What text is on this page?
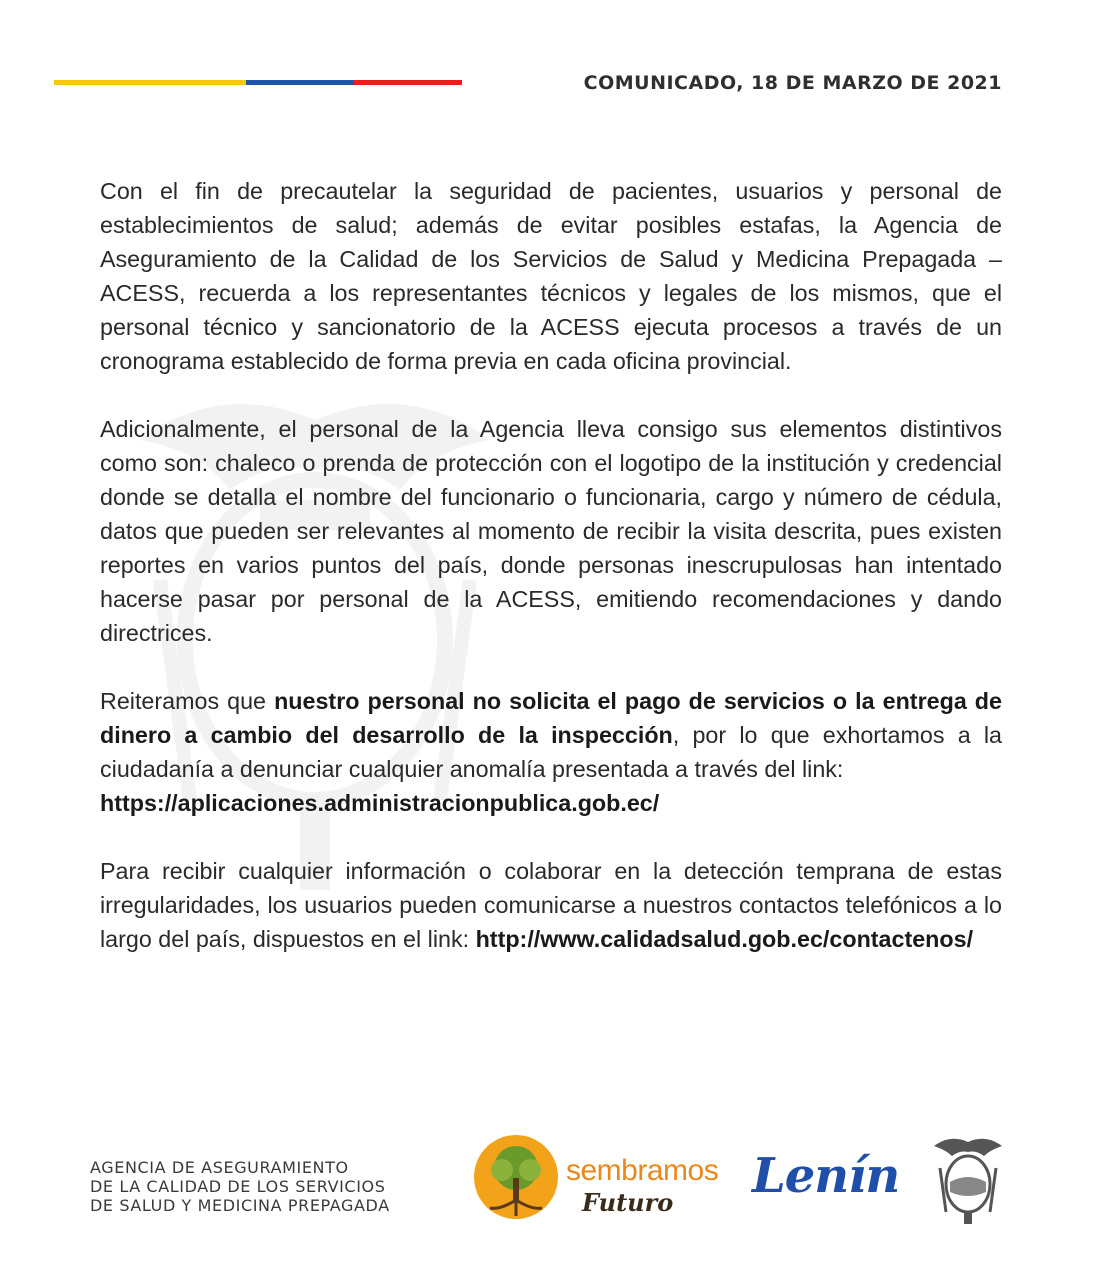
COMUNICADO, 18 DE MARZO DE 2021

Con el fin de precautelar la seguridad de pacientes, usuarios y personal de establecimientos de salud; además de evitar posibles estafas, la Agencia de Aseguramiento de la Calidad de los Servicios de Salud y Medicina Prepagada – ACESS, recuerda a los representantes técnicos y legales de los mismos, que el personal técnico y sancionatorio de la ACESS ejecuta procesos a través de un cronograma establecido de forma previa en cada oficina provincial.

Adicionalmente, el personal de la Agencia lleva consigo sus elementos distintivos como son: chaleco o prenda de protección con el logotipo de la institución y credencial donde se detalla el nombre del funcionario o funcionaria, cargo y número de cédula, datos que pueden ser relevantes al momento de recibir la visita descrita, pues existen reportes en varios puntos del país, donde personas inescrupulosas han intentado hacerse pasar por personal de la ACESS, emitiendo recomendaciones y dando directrices.

Reiteramos que nuestro personal no solicita el pago de servicios o la entrega de dinero a cambio del desarrollo de la inspección, por lo que exhortamos a la ciudadanía a denunciar cualquier anomalía presentada a través del link:
https://aplicaciones.administracionpublica.gob.ec/

Para recibir cualquier información o colaborar en la detección temprana de estas irregularidades, los usuarios pueden comunicarse a nuestros contactos telefónicos a lo largo del país, dispuestos en el link: http://www.calidadsalud.gob.ec/contactenos/

AGENCIA DE ASEGURAMIENTO
DE LA CALIDAD DE LOS SERVICIOS
DE SALUD Y MEDICINA PREPAGADA
sembramos
Futuro Lenín
